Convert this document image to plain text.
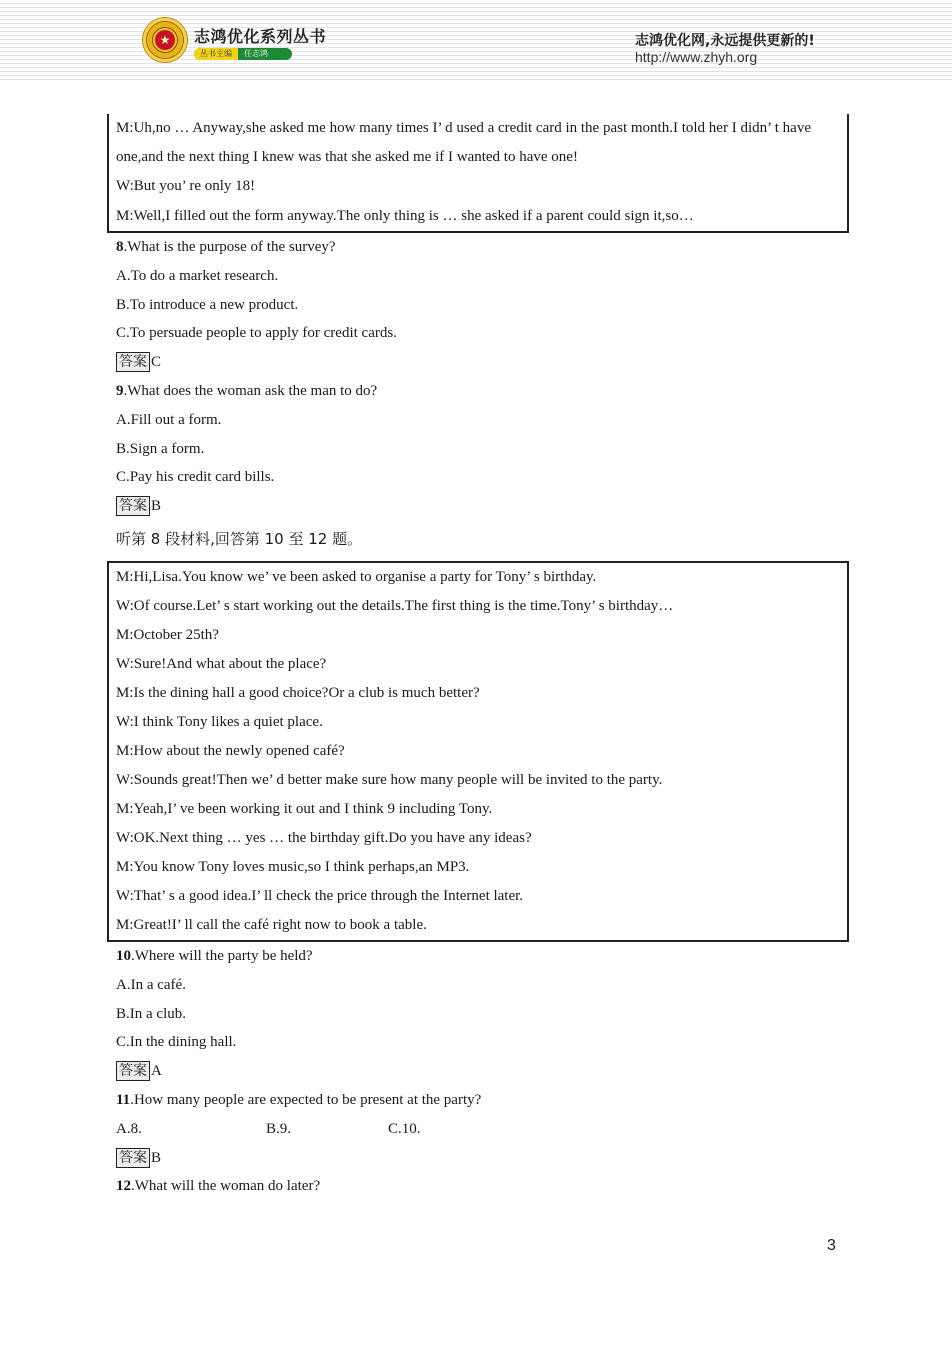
★ 志鸿优化系列丛书
丛书主编	任志鸿
志鸿优化网,永远提供更新的!
http://www.zhyh.org
M:Uh,no … Anyway,she asked me how many times I’ d used a credit card in the past month.I told her I didn’ t have one,and the next thing I knew was that she asked me if I wanted to have one!
W:But you’ re only 18!
M:Well,I filled out the form anyway.The only thing is … she asked if a parent could sign it,so…
8.What is the purpose of the survey?
A.To do a market research.
B.To introduce a new product.
C.To persuade people to apply for credit cards.
答案 C
9.What does the woman ask the man to do?
A.Fill out a form.
B.Sign a form.
C.Pay his credit card bills.
答案 B
听第 8 段材料,回答第 10 至 12 题。
M:Hi,Lisa.You know we’ ve been asked to organise a party for Tony’ s birthday.
W:Of course.Let’ s start working out the details.The first thing is the time.Tony’ s birthday…
M:October 25th?
W:Sure!And what about the place?
M:Is the dining hall a good choice?Or a club is much better?
W:I think Tony likes a quiet place.
M:How about the newly opened café?
W:Sounds great!Then we’ d better make sure how many people will be invited to the party.
M:Yeah,I’ ve been working it out and I think 9 including Tony.
W:OK.Next thing … yes … the birthday gift.Do you have any ideas?
M:You know Tony loves music,so I think perhaps,an MP3.
W:That’ s a good idea.I’ ll check the price through the Internet later.
M:Great!I’ ll call the café right now to book a table.
10.Where will the party be held?
A.In a café.
B.In a club.
C.In the dining hall.
答案 A
11.How many people are expected to be present at the party?
A.8.	B.9.	C.10.
答案 B
12.What will the woman do later?
3
